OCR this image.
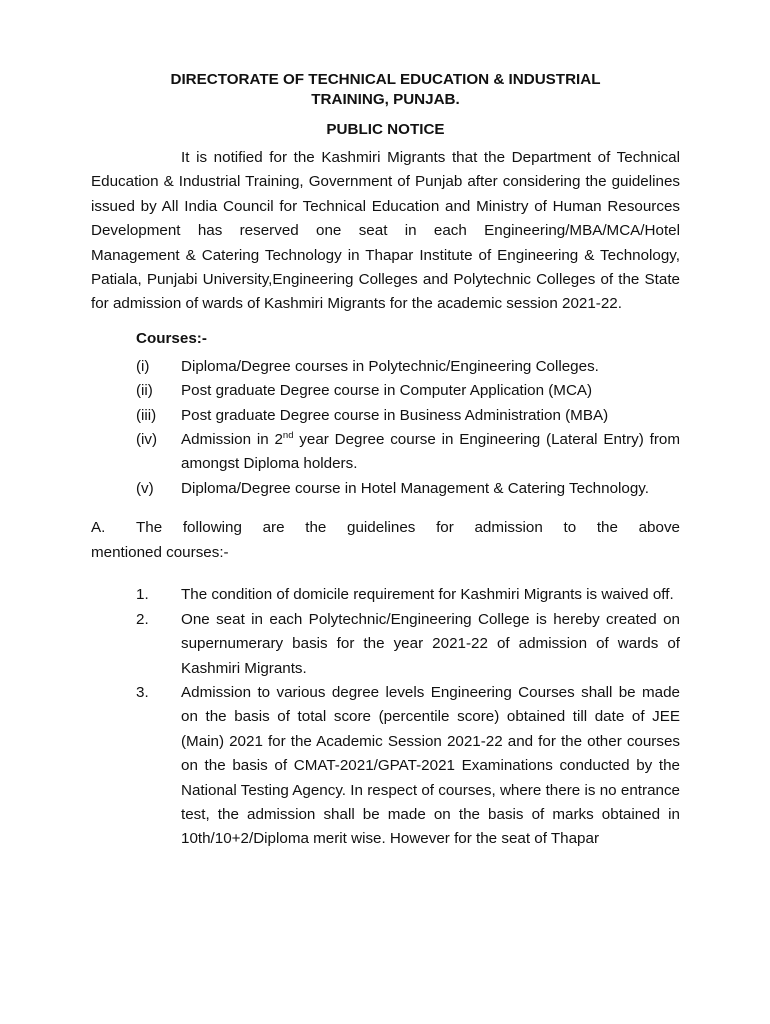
DIRECTORATE OF TECHNICAL EDUCATION & INDUSTRIAL
TRAINING, PUNJAB.
PUBLIC NOTICE

It is notified for the Kashmiri Migrants that the Department of Technical Education & Industrial Training, Government of Punjab after considering the guidelines issued by All India Council for Technical Education and Ministry of Human Resources Development has reserved one seat in each Engineering/MBA/MCA/Hotel Management & Catering Technology in Thapar Institute of Engineering & Technology, Patiala, Punjabi University,Engineering Colleges and Polytechnic Colleges of the State for admission of wards of Kashmiri Migrants for the academic session 2021-22.

Courses:-
(i)	Diploma/Degree courses in Polytechnic/Engineering Colleges.
(ii)	Post graduate Degree course in Computer Application (MCA)
(iii)	Post graduate Degree course in Business Administration (MBA)
(iv)	Admission in 2nd year Degree course in Engineering (Lateral Entry) from amongst Diploma holders.
(v)	Diploma/Degree course in Hotel Management & Catering Technology.
A.	The following are the guidelines for admission to the above
mentioned courses:-
1.	The condition of domicile requirement for Kashmiri Migrants is waived off.
2.	One seat in each Polytechnic/Engineering College is hereby created on supernumerary basis for the year 2021-22 of admission of wards of Kashmiri Migrants.
3.	Admission to various degree levels Engineering Courses shall be made on the basis of total score (percentile score) obtained till date of JEE (Main) 2021 for the Academic Session 2021-22 and for the other courses on the basis of CMAT-2021/GPAT-2021 Examinations conducted by the National Testing Agency. In respect of courses, where there is no entrance test, the admission shall be made on the basis of marks obtained in 10th/10+2/Diploma merit wise. However for the seat of Thapar
